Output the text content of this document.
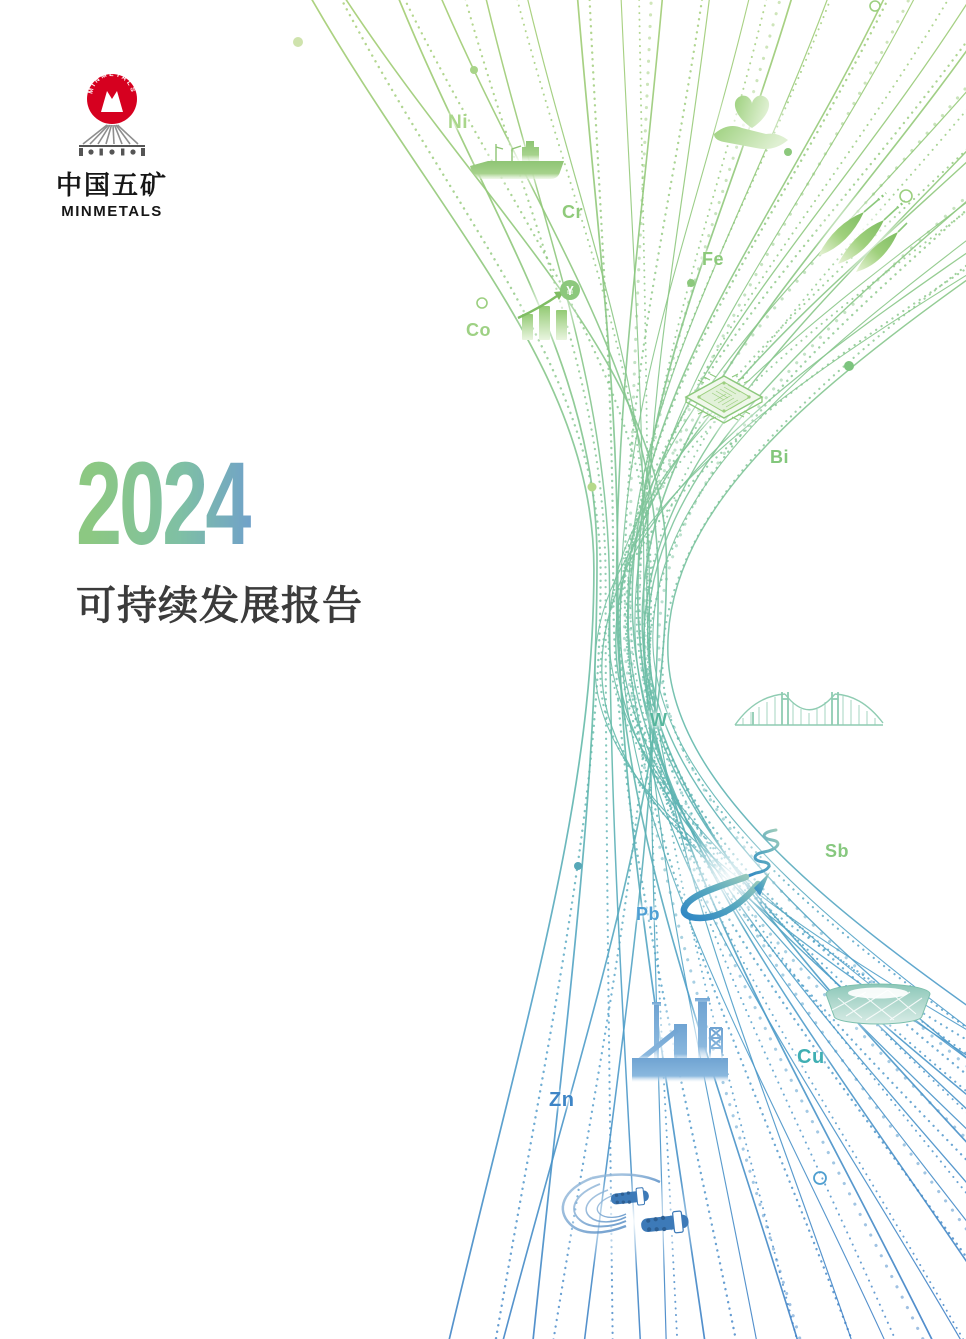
MINMETALS
中国五矿
MINMETALS
2024
可持续发展报告
Ni
Cr
Fe
Co
Bi
W
Sb
Pb
Zn
Cu
¥
